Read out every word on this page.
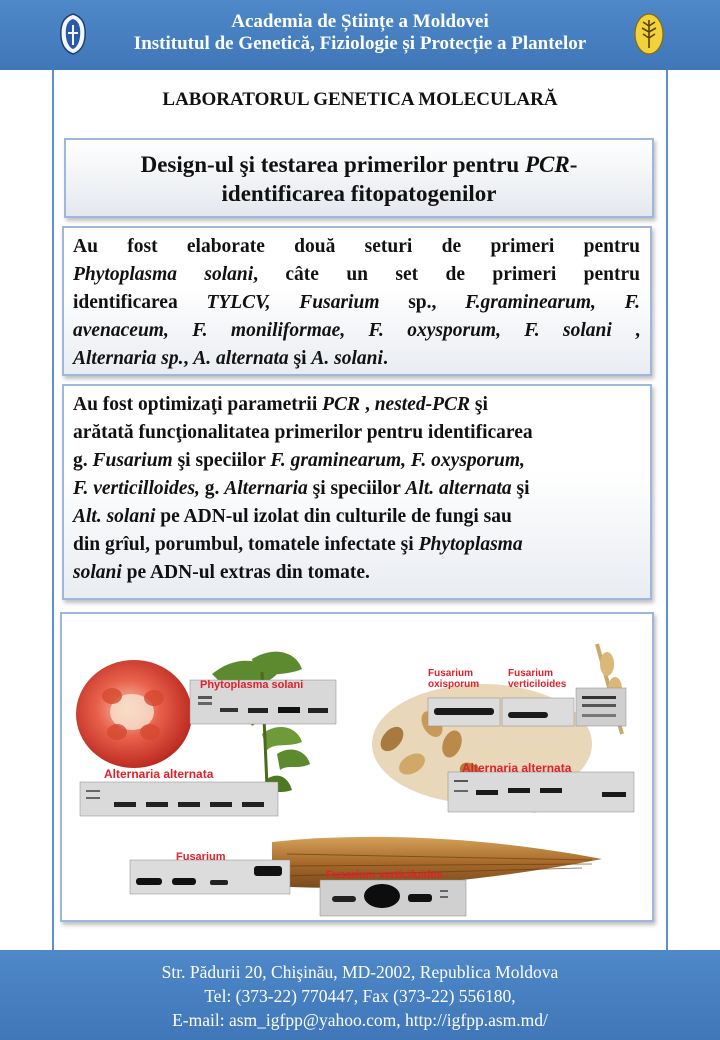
Academia de Științe a Moldovei
Institutul de Genetică, Fiziologie și Protecție a Plantelor
LABORATORUL GENETICA MOLECULARĂ
Design-ul şi testarea primerilor pentru PCR-
identificarea fitopatogenilor

Au fost elaborate două seturi de primeri pentru

Phytoplasma solani, câte un set de primeri pentru

identificarea TYLCV, Fusarium sp., F.graminearum, F.

avenaceum, F. moniliformae, F. oxysporum, F. solani ,

Alternaria sp., A. alternata şi A. solani.

Au fost optimizaţi parametrii PCR , nested-PCR şi

arătată funcţionalitatea primerilor pentru identificarea

g. Fusarium şi speciilor F. graminearum, F. oxysporum,

F. verticilloides, g. Alternaria şi speciilor Alt. alternata şi

Alt. solani pe ADN-ul izolat din culturile de fungi sau

din grîul, porumbul, tomatele infectate şi Phytoplasma

solani pe ADN-ul extras din tomate.

Phytoplasma solani
Alternaria alternata
Fusarium
oxisporum
Fusarium
verticiloides
Alternaria alternata
Fusarium
Fusarium verticiloides
Str. Pădurii 20, Chişinău, MD-2002, Republica Moldova
Tel: (373-22) 770447, Fax (373-22) 556180,
E-mail: asm_igfpp@yahoo.com, http://igfpp.asm.md/
